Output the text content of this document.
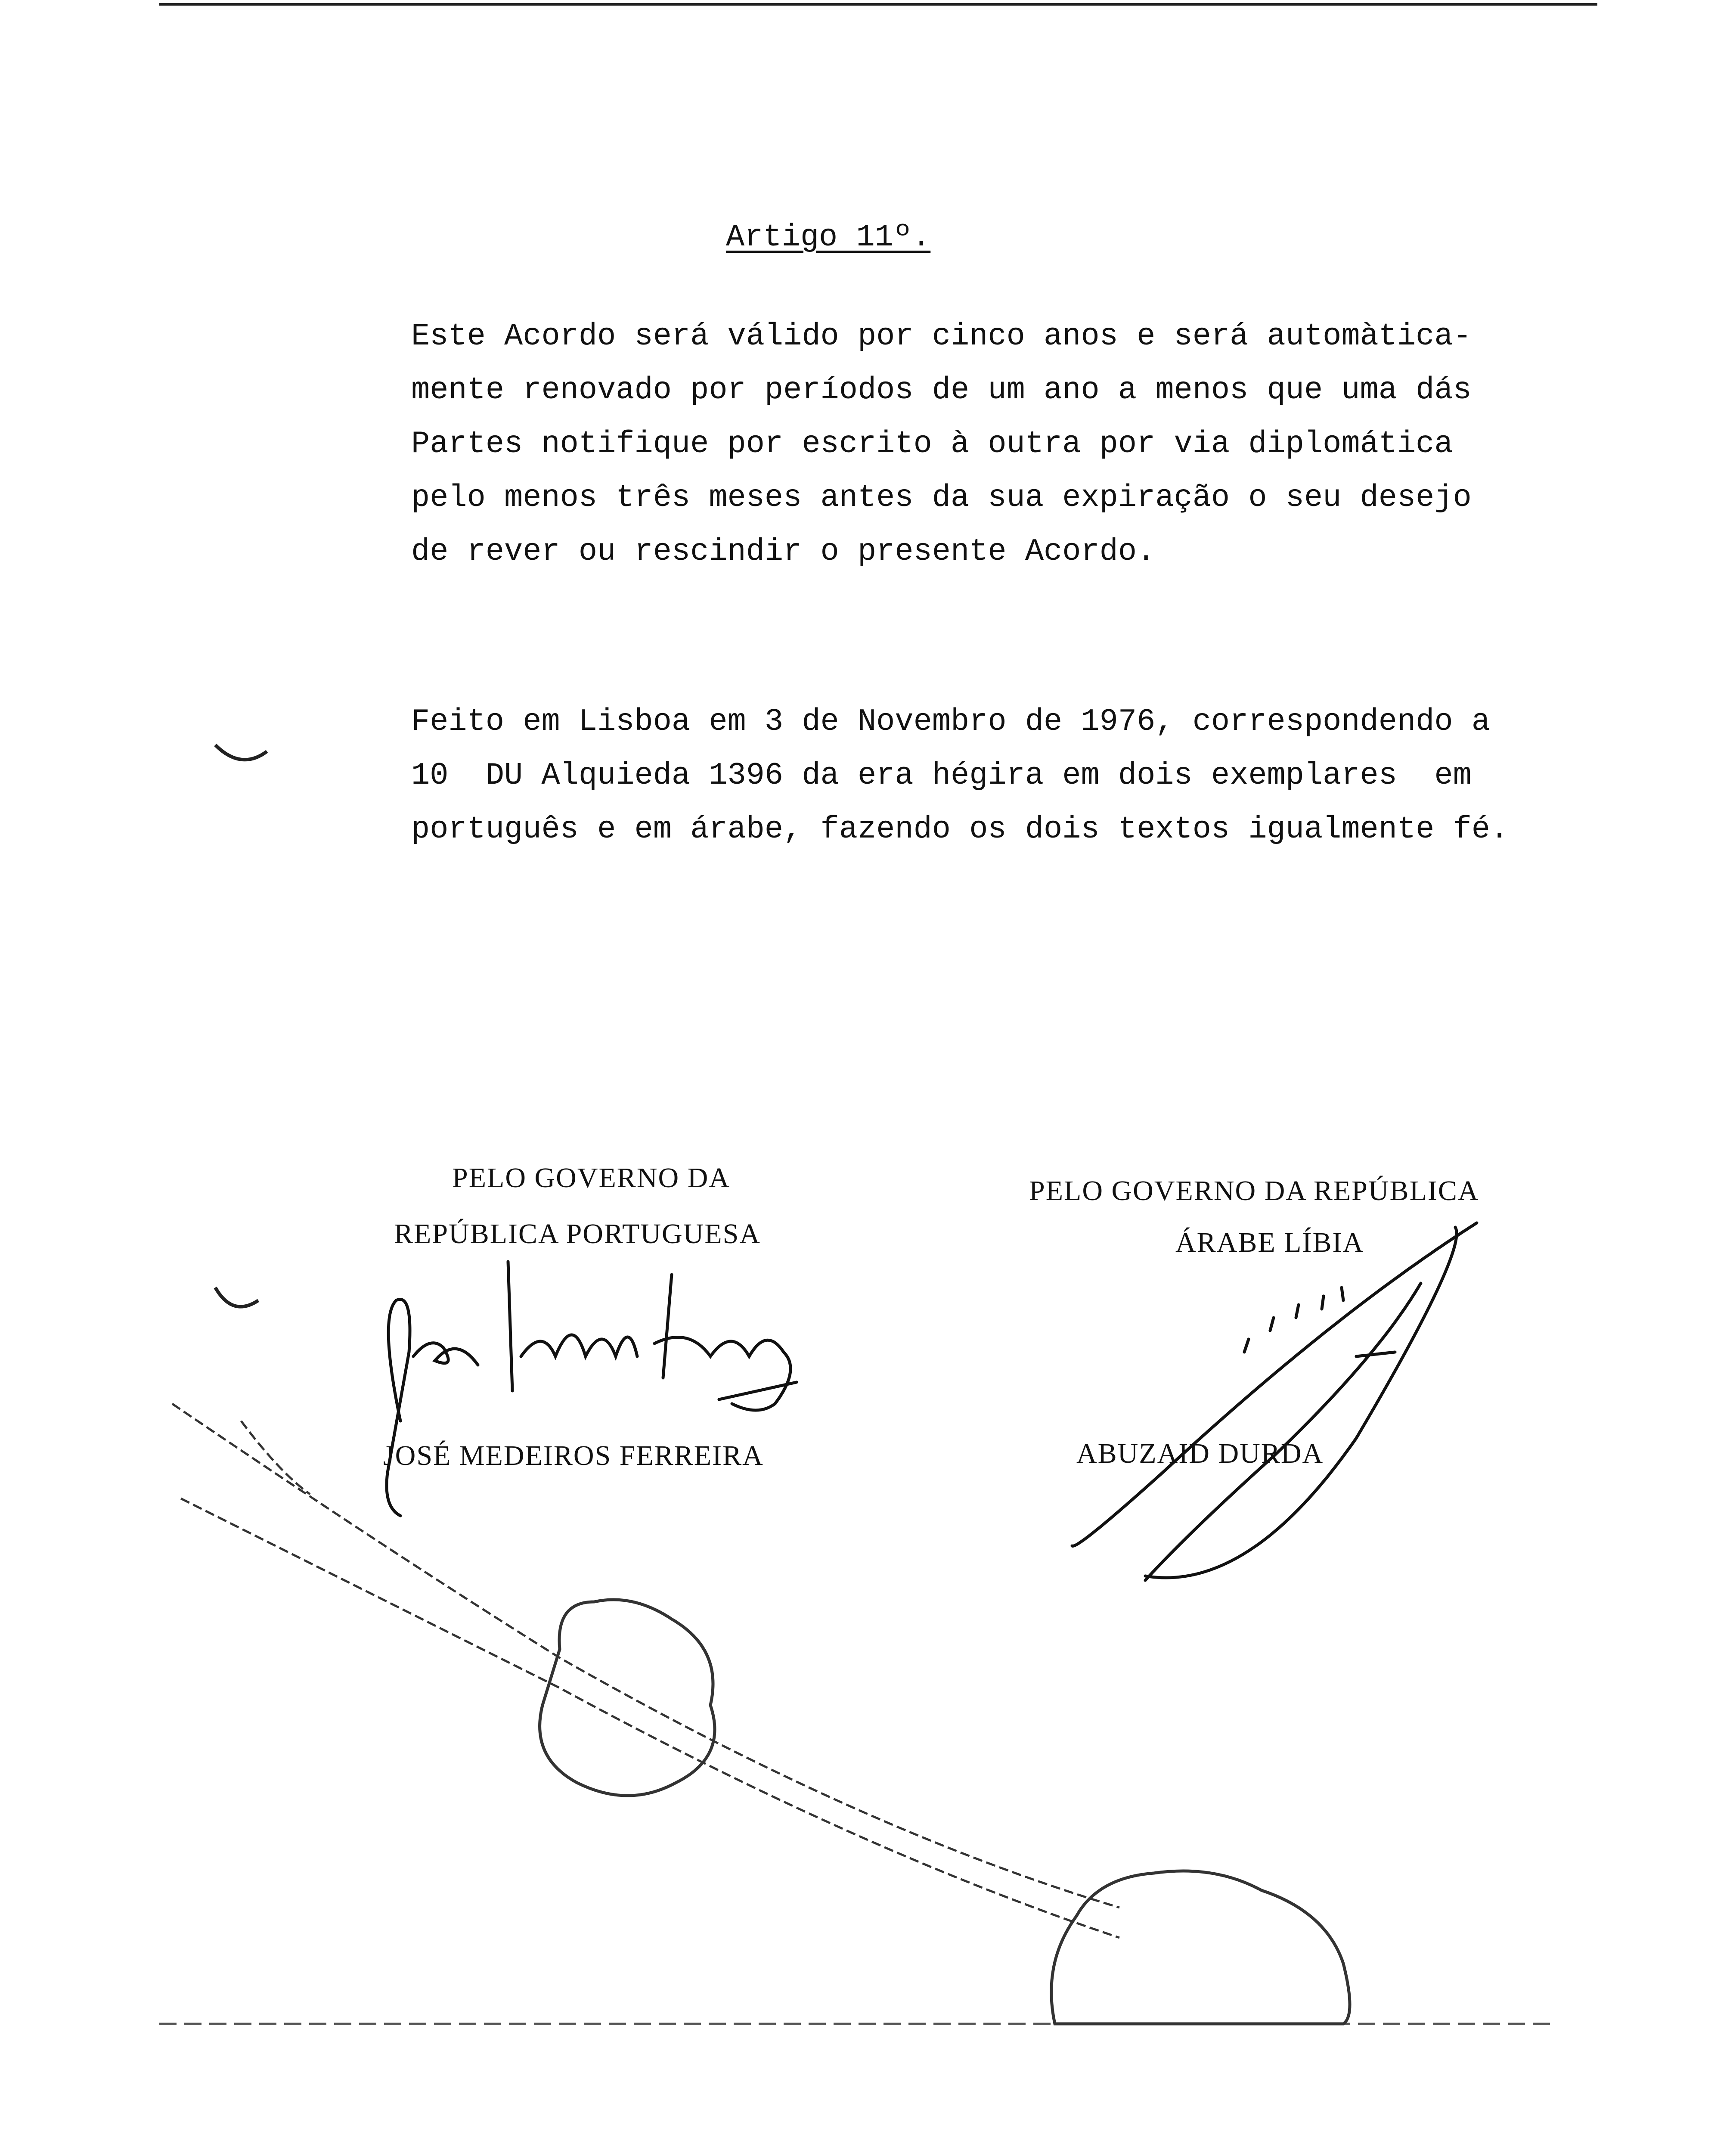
Artigo 11º.
Este Acordo será válido por cinco anos e será automàtica-
mente renovado por períodos de um ano a menos que uma dás
Partes notifique por escrito à outra por via diplomática
pelo menos três meses antes da sua expiração o seu desejo
de rever ou rescindir o presente Acordo.
Feito em Lisboa em 3 de Novembro de 1976, correspondendo a
10  DU Alquieda 1396 da era hégira em dois exemplares  em
português e em árabe, fazendo os dois textos igualmente fé.
PELO GOVERNO DA
REPÚBLICA PORTUGUESA
JOSÉ MEDEIROS FERREIRA
PELO GOVERNO DA REPÚBLICA
ÁRABE LÍBIA
ABUZAID DURDA
